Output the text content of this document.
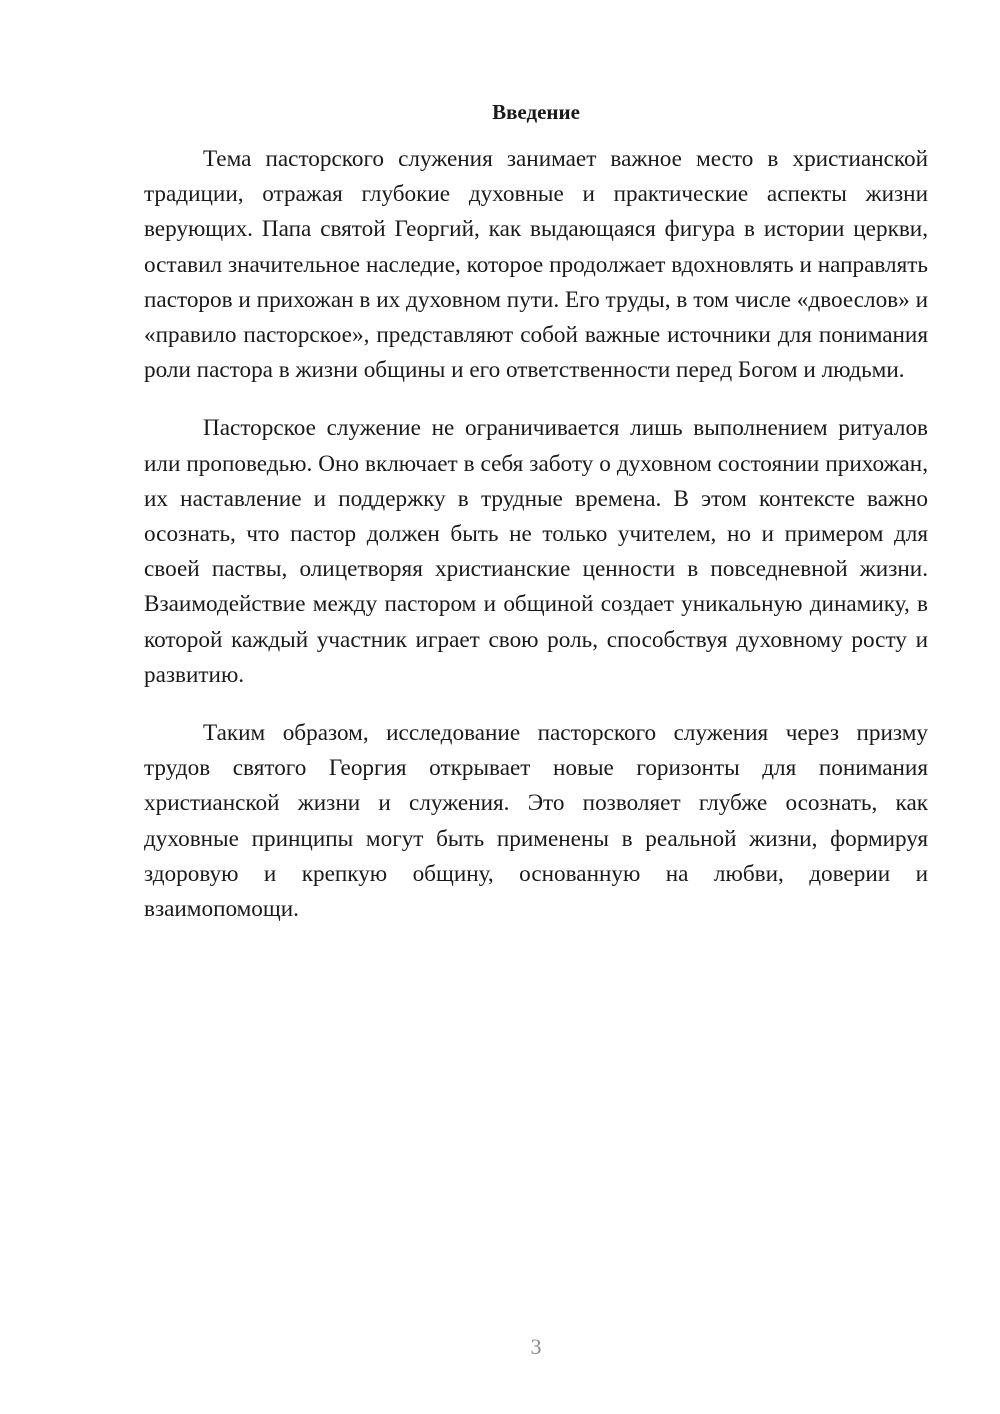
Введение

Тема пасторского служения занимает важное место в христианской традиции, отражая глубокие духовные и практические аспекты жизни верующих. Папа святой Георгий, как выдающаяся фигура в истории церкви, оставил значительное наследие, которое продолжает вдохновлять и направлять пасторов и прихожан в их духовном пути. Его труды, в том числе «двоеслов» и «правило пасторское», представляют собой важные источники для понимания роли пастора в жизни общины и его ответственности перед Богом и людьми.

Пасторское служение не ограничивается лишь выполнением ритуалов или проповедью. Оно включает в себя заботу о духовном состоянии прихожан, их наставление и поддержку в трудные времена. В этом контексте важно осознать, что пастор должен быть не только учителем, но и примером для своей паствы, олицетворяя христианские ценности в повседневной жизни. Взаимодействие между пастором и общиной создает уникальную динамику, в которой каждый участник играет свою роль, способствуя духовному росту и развитию.

Таким образом, исследование пасторского служения через призму трудов святого Георгия открывает новые горизонты для понимания христианской жизни и служения. Это позволяет глубже осознать, как духовные принципы могут быть применены в реальной жизни, формируя здоровую и крепкую общину, основанную на любви, доверии и взаимопомощи.

3
